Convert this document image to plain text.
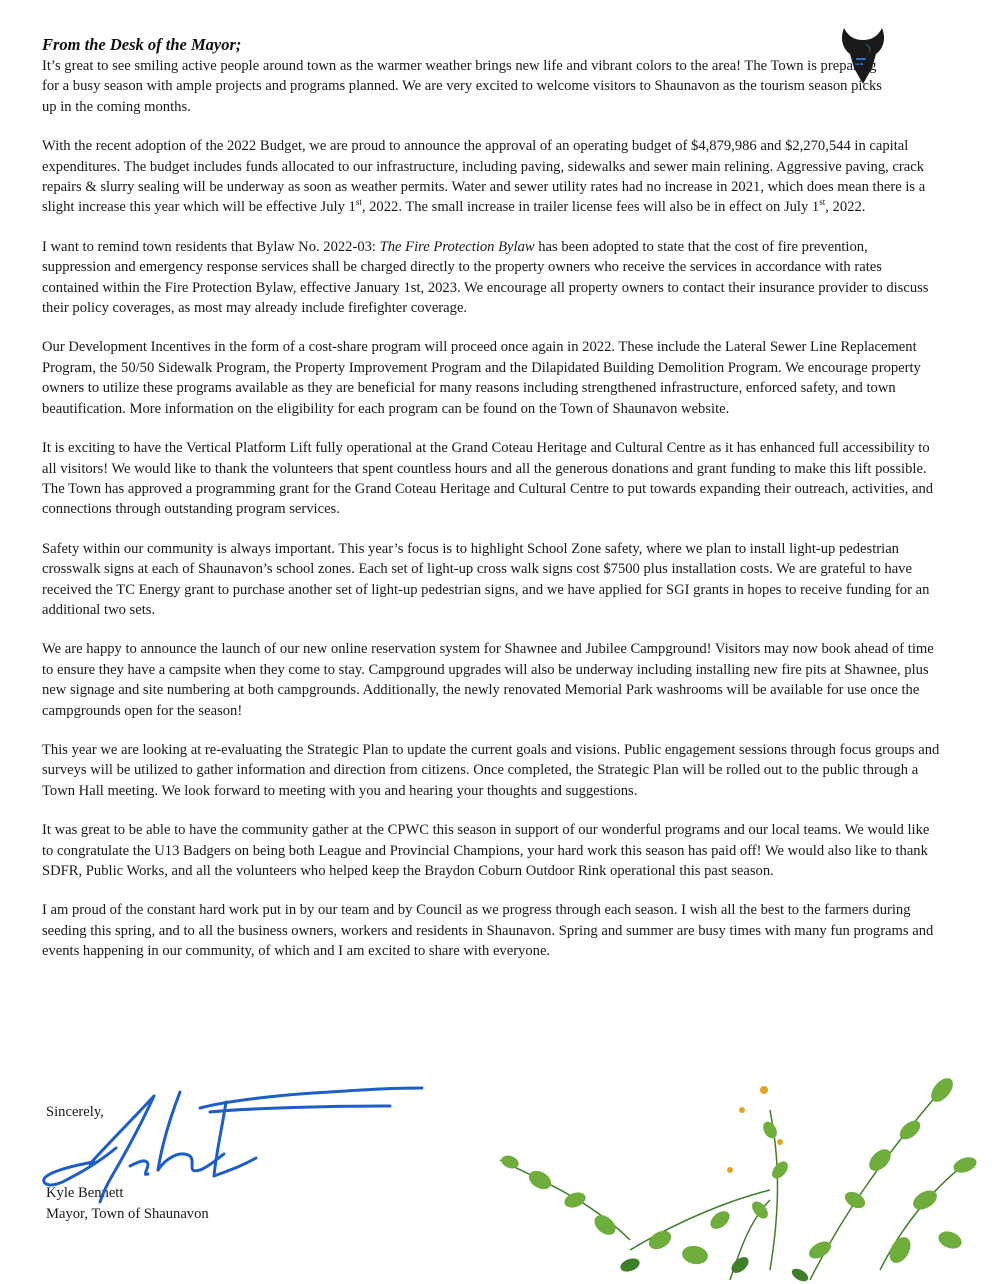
From the Desk of the Mayor;

It’s great to see smiling active people around town as the warmer weather brings new life and vibrant colors to the area! The Town is preparing for a busy season with ample projects and programs planned. We are very excited to welcome visitors to Shaunavon as the tourism season picks up in the coming months.

With the recent adoption of the 2022 Budget, we are proud to announce the approval of an operating budget of $4,879,986 and $2,270,544 in capital expenditures. The budget includes funds allocated to our infrastructure, including paving, sidewalks and sewer main relining. Aggressive paving, crack repairs & slurry sealing will be underway as soon as weather permits. Water and sewer utility rates had no increase in 2021, which does mean there is a slight increase this year which will be effective July 1st, 2022. The small increase in trailer license fees will also be in effect on July 1st, 2022.

I want to remind town residents that Bylaw No. 2022-03: The Fire Protection Bylaw has been adopted to state that the cost of fire prevention, suppression and emergency response services shall be charged directly to the property owners who receive the services in accordance with rates contained within the Fire Protection Bylaw, effective January 1st, 2023. We encourage all property owners to contact their insurance provider to discuss their policy coverages, as most may already include firefighter coverage.

Our Development Incentives in the form of a cost-share program will proceed once again in 2022. These include the Lateral Sewer Line Replacement Program, the 50/50 Sidewalk Program, the Property Improvement Program and the Dilapidated Building Demolition Program. We encourage property owners to utilize these programs available as they are beneficial for many reasons including strengthened infrastructure, enforced safety, and town beautification. More information on the eligibility for each program can be found on the Town of Shaunavon website.

It is exciting to have the Vertical Platform Lift fully operational at the Grand Coteau Heritage and Cultural Centre as it has enhanced full accessibility to all visitors! We would like to thank the volunteers that spent countless hours and all the generous donations and grant funding to make this lift possible. The Town has approved a programming grant for the Grand Coteau Heritage and Cultural Centre to put towards expanding their outreach, activities, and connections through outstanding program services.

Safety within our community is always important. This year’s focus is to highlight School Zone safety, where we plan to install light-up pedestrian crosswalk signs at each of Shaunavon’s school zones. Each set of light-up cross walk signs cost $7500 plus installation costs. We are grateful to have received the TC Energy grant to purchase another set of light-up pedestrian signs, and we have applied for SGI grants in hopes to receive funding for an additional two sets.

We are happy to announce the launch of our new online reservation system for Shawnee and Jubilee Campground! Visitors may now book ahead of time to ensure they have a campsite when they come to stay. Campground upgrades will also be underway including installing new fire pits at Shawnee, plus new signage and site numbering at both campgrounds. Additionally, the newly renovated Memorial Park washrooms will be available for use once the campgrounds open for the season!

This year we are looking at re-evaluating the Strategic Plan to update the current goals and visions. Public engagement sessions through focus groups and surveys will be utilized to gather information and direction from citizens. Once completed, the Strategic Plan will be rolled out to the public through a Town Hall meeting. We look forward to meeting with you and hearing your thoughts and suggestions.

It was great to be able to have the community gather at the CPWC this season in support of our wonderful programs and our local teams. We would like to congratulate the U13 Badgers on being both League and Provincial Champions, your hard work this season has paid off! We would also like to thank SDFR, Public Works, and all the volunteers who helped keep the Braydon Coburn Outdoor Rink operational this past season.

I am proud of the constant hard work put in by our team and by Council as we progress through each season. I wish all the best to the farmers during seeding this spring, and to all the business owners, workers and residents in Shaunavon. Spring and summer are busy times with many fun programs and events happening in our community, of which and I am excited to share with everyone.

Sincerely,
Kyle Bennett
Mayor, Town of Shaunavon
